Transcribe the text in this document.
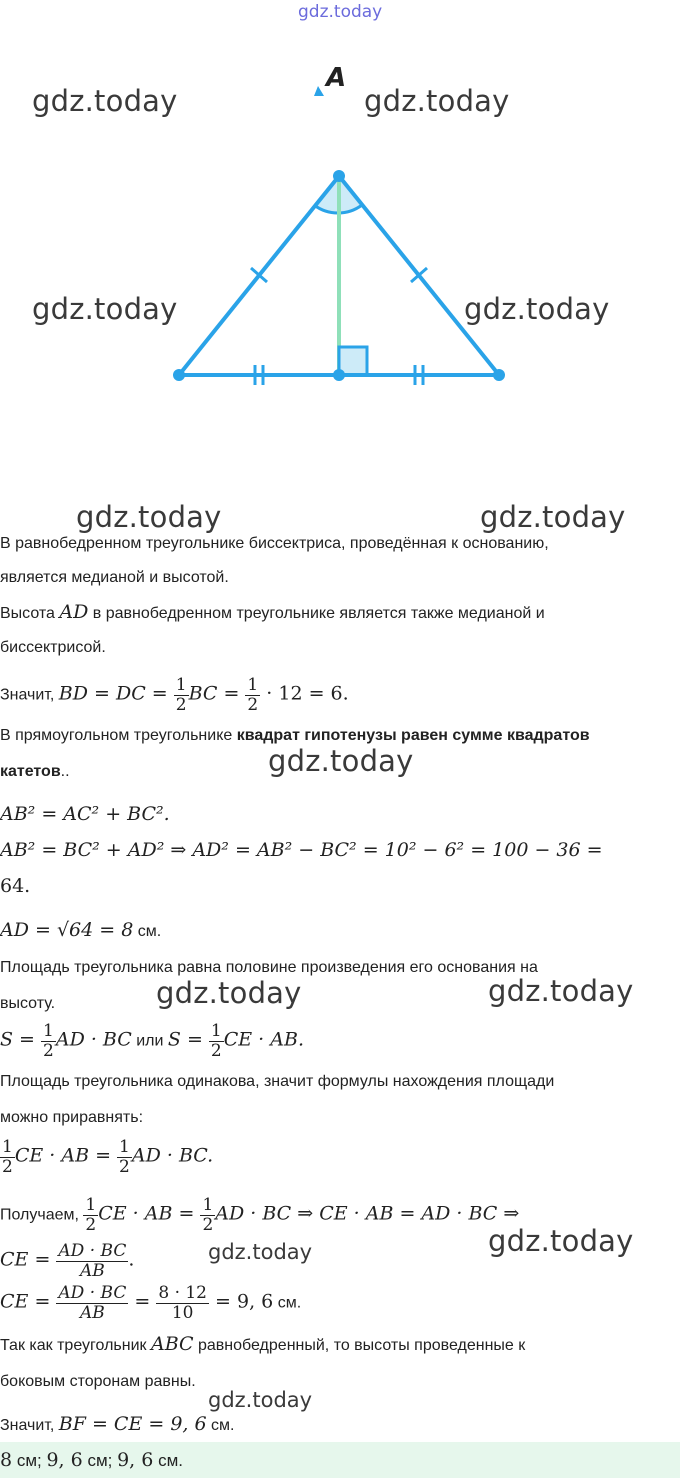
gdz.today
gdz.today	gdz.today
gdz.today	gdz.today
gdz.today	gdz.today
gdz.today
gdz.today	gdz.today
gdz.today
gdz.today
gdz.today
A
В равнобедренном треугольнике биссектриса, проведённая к основанию,
является медианой и высотой.
Высота AD в равнобедренном треугольнике является также медианой и
биссектрисой.
Значит, BD = DC = $\frac{1}{2}$ BC = $\frac{1}{2} \cdot 12 = 6$.
В прямоугольном треугольнике квадрат гипотенузы равен сумме квадратов
катетов..
AB² = AC² + BC².
AB² = BC² + AD² ⇒ AD² = AB² − BC² = 10² − 6² = 100 − 36 =
64.
AD = √64 = 8 см.
Площадь треугольника равна половине произведения его основания на
высоту.
$S = \frac{1}{2}$ AD · BC или $S = \frac{1}{2}$ CE · AB.
Площадь треугольника одинакова, значит формулы нахождения площади
можно приравнять:
$\frac{1}{2}$ CE · AB = $\frac{1}{2}$ AD · BC.
Получаем, $\frac{1}{2}$ CE · AB = $\frac{1}{2}$ AD · BC ⇒ CE · AB = AD · BC ⇒
CE = $\frac{AD \cdot BC}{AB}$ .
CE = $\frac{AD \cdot BC}{AB} = \frac{8 \cdot 12}{10} = 9$, 6 см.
Так как треугольник ABC равнобедренный, то высоты проведенные к
боковым сторонам равны.
Значит, BF = CE = 9, 6 см.
8 см; 9, 6 см; 9, 6 см.
